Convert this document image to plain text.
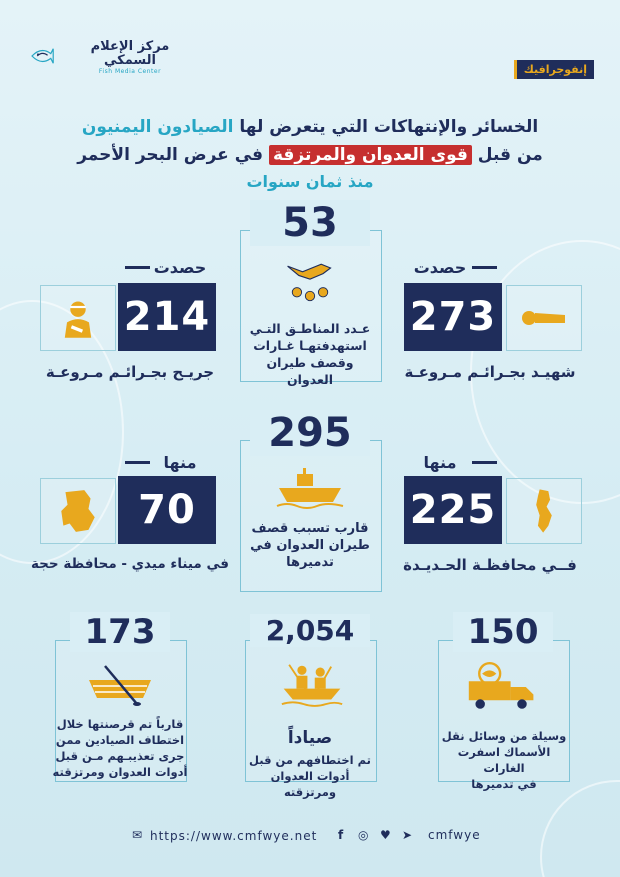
مركز الإعلام
السمكي
Fish Media Center	إنفوجرافيك
الخسائر والإنتهاكات التي يتعرض لها الصيادون اليمنيون
من قبل قوى العدوان والمرتزقة في عرض البحر الأحمر
منذ ثمان سنوات
53
عـدد المناطـق التـي
استهدفتهـا غـارات
وقصف طيران العدوان
حصدت
214
جريـح بجـرائـم مـروعـة
حصدت
273
شهيـد بجـرائـم مـروعـة
295
قارب تسبب قصف
طيران العدوان في
تدميرها
منها
70
في ميناء ميدي - محافظة حجة
منها
225
فــي محافظـة الحـديـدة
173
قارباً تم قرصنتها خلال
اختطاف الصيادين ممن
جرى تعذيبـهم مـن قبل
أدوات العدوان ومرتزقته
2,054
صياداً
تم اختطافهم من قبل
أدوات العدوان ومرتزقته
150
وسيلة من وسائل نقل
الأسماك اسفرت الغارات
في تدميرها
✉ https://www.cmfwye.net f ◎ ♥ ➤ cmfwye
